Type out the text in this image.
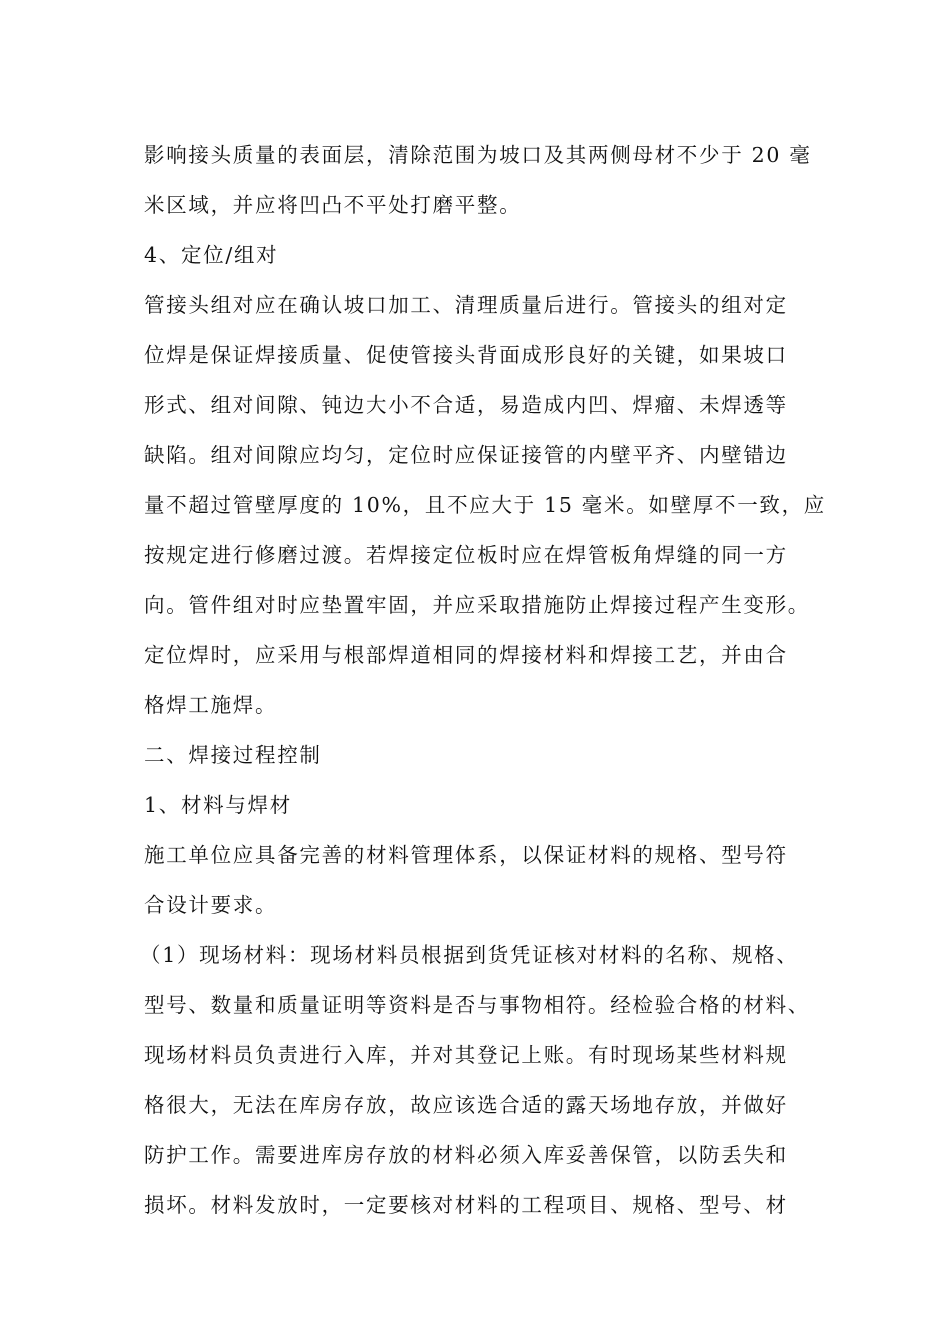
影响接头质量的表面层，清除范围为坡口及其两侧母材不少于 20 毫
米区域，并应将凹凸不平处打磨平整。
4、定位/组对
管接头组对应在确认坡口加工、清理质量后进行。管接头的组对定
位焊是保证焊接质量、促使管接头背面成形良好的关键，如果坡口
形式、组对间隙、钝边大小不合适，易造成内凹、焊瘤、未焊透等
缺陷。组对间隙应均匀，定位时应保证接管的内壁平齐、内壁错边
量不超过管壁厚度的 10%，且不应大于 15 毫米。如壁厚不一致，应
按规定进行修磨过渡。若焊接定位板时应在焊管板角焊缝的同一方
向。管件组对时应垫置牢固，并应采取措施防止焊接过程产生变形。
定位焊时，应采用与根部焊道相同的焊接材料和焊接工艺，并由合
格焊工施焊。
二、焊接过程控制
1、材料与焊材
施工单位应具备完善的材料管理体系，以保证材料的规格、型号符
合设计要求。
（1）现场材料：现场材料员根据到货凭证核对材料的名称、规格、
型号、数量和质量证明等资料是否与事物相符。经检验合格的材料、
现场材料员负责进行入库，并对其登记上账。有时现场某些材料规
格很大，无法在库房存放，故应该选合适的露天场地存放，并做好
防护工作。需要进库房存放的材料必须入库妥善保管，以防丢失和
损坏。材料发放时，一定要核对材料的工程项目、规格、型号、材
